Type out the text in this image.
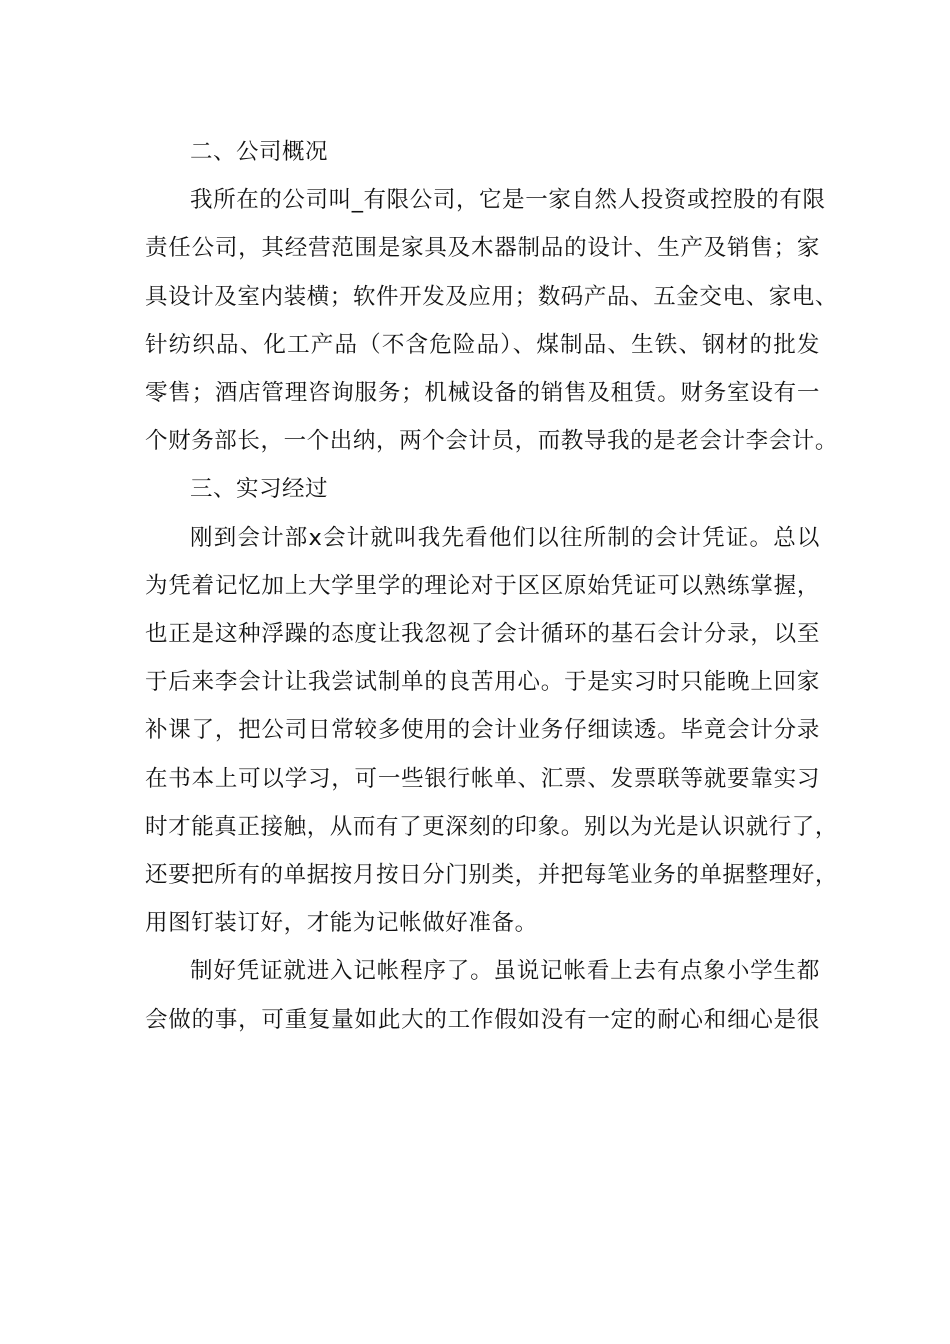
二、公司概况

我所在的公司叫_有限公司，它是一家自然人投资或控股的有限
责任公司，其经营范围是家具及木器制品的设计、生产及销售；家
具设计及室内装横；软件开发及应用；数码产品、五金交电、家电、
针纺织品、化工产品（不含危险品）、煤制品、生铁、钢材的批发
零售；酒店管理咨询服务；机械设备的销售及租赁。财务室设有一
个财务部长，一个出纳，两个会计员，而教导我的是老会计李会计。

三、实习经过

刚到会计部x会计就叫我先看他们以往所制的会计凭证。总以
为凭着记忆加上大学里学的理论对于区区原始凭证可以熟练掌握，
也正是这种浮躁的态度让我忽视了会计循环的基石会计分录，以至
于后来李会计让我尝试制单的良苦用心。于是实习时只能晚上回家
补课了，把公司日常较多使用的会计业务仔细读透。毕竟会计分录
在书本上可以学习，可一些银行帐单、汇票、发票联等就要靠实习
时才能真正接触，从而有了更深刻的印象。别以为光是认识就行了，
还要把所有的单据按月按日分门别类，并把每笔业务的单据整理好，
用图钉装订好，才能为记帐做好准备。

制好凭证就进入记帐程序了。虽说记帐看上去有点象小学生都
会做的事，可重复量如此大的工作假如没有一定的耐心和细心是很
